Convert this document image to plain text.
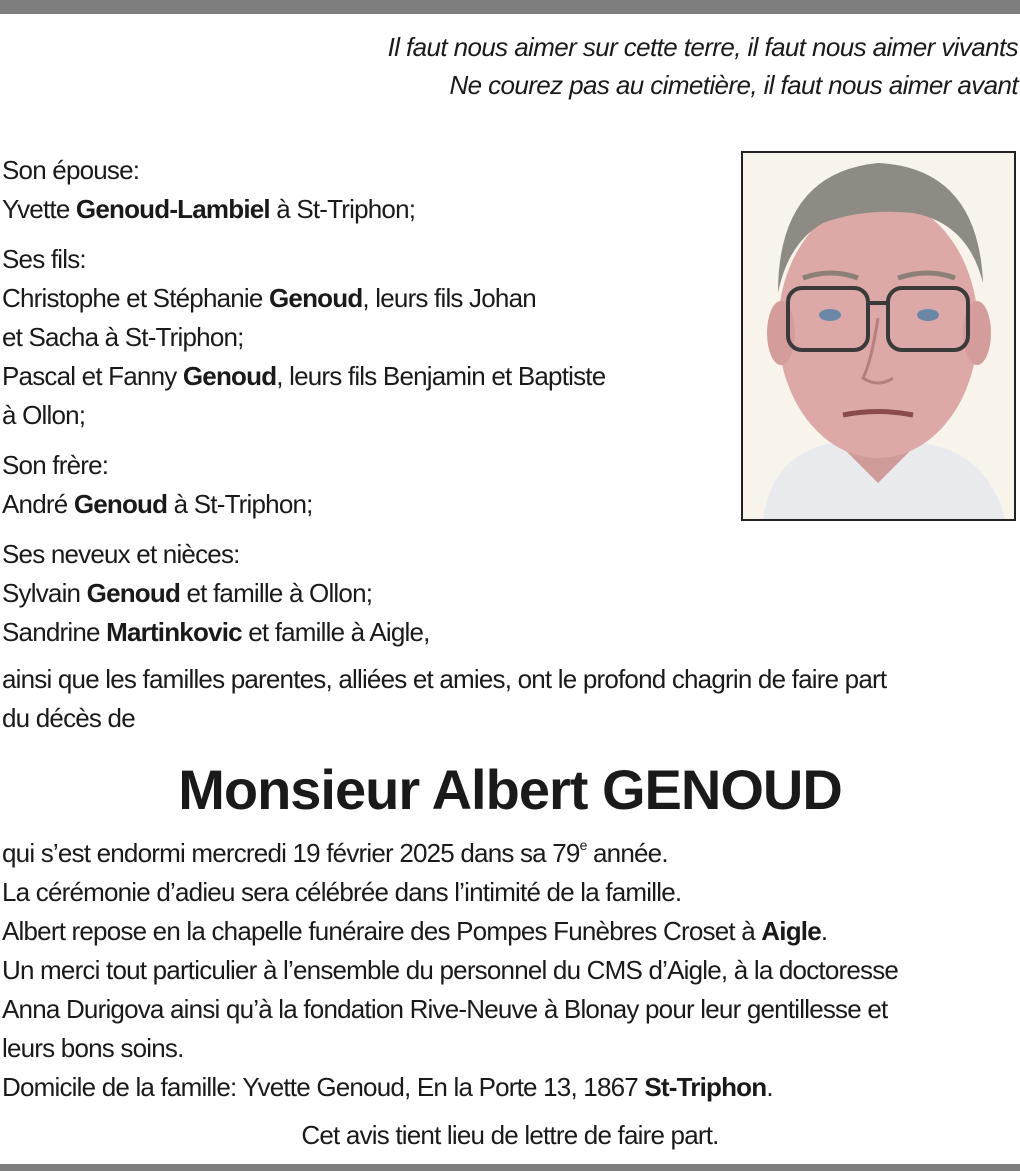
Il faut nous aimer sur cette terre, il faut nous aimer vivants
Ne courez pas au cimetière, il faut nous aimer avant
Son épouse:
Yvette Genoud-Lambiel à St-Triphon;
Ses fils:
Christophe et Stéphanie Genoud, leurs fils Johan
et Sacha à St-Triphon;
Pascal et Fanny Genoud, leurs fils Benjamin et Baptiste
à Ollon;
Son frère:
André Genoud à St-Triphon;
Ses neveux et nièces:
Sylvain Genoud et famille à Ollon;
Sandrine Martinkovic et famille à Aigle,
ainsi que les familles parentes, alliées et amies, ont le profond chagrin de faire part
du décès de
Monsieur Albert GENOUD
qui s’est endormi mercredi 19 février 2025 dans sa 79e année.
La cérémonie d’adieu sera célébrée dans l’intimité de la famille.
Albert repose en la chapelle funéraire des Pompes Funèbres Croset à Aigle.
Un merci tout particulier à l’ensemble du personnel du CMS d’Aigle, à la doctoresse
Anna Durigova ainsi qu’à la fondation Rive-Neuve à Blonay pour leur gentillesse et
leurs bons soins.
Domicile de la famille: Yvette Genoud, En la Porte 13, 1867 St-Triphon.
Cet avis tient lieu de lettre de faire part.
